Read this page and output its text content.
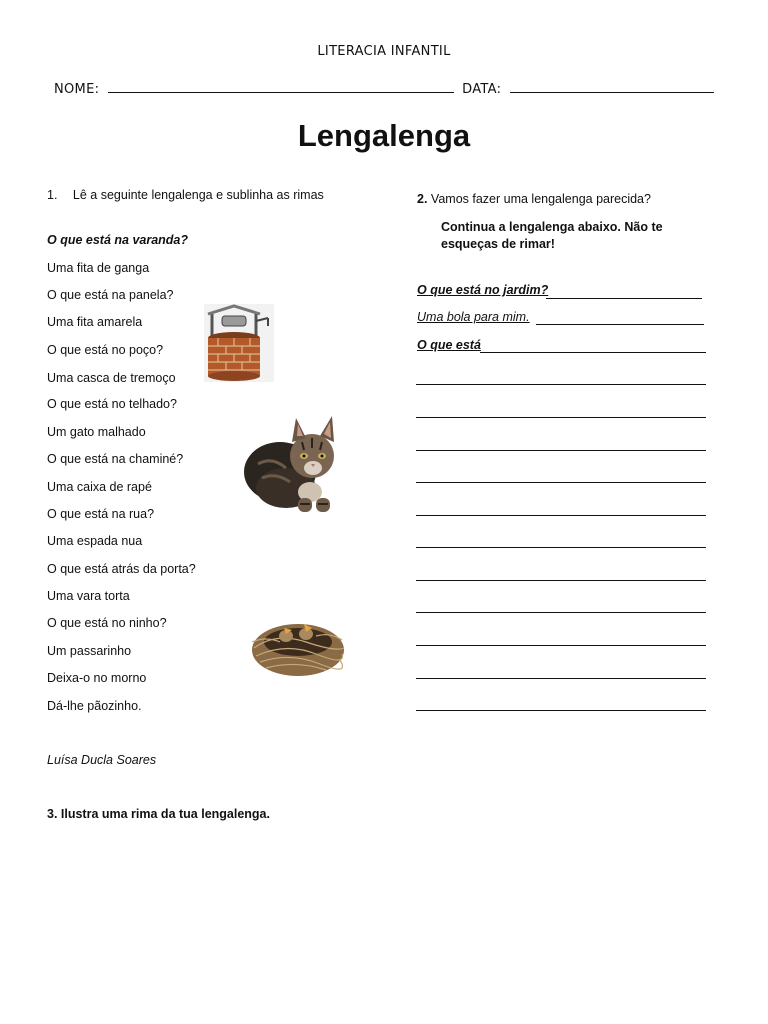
LITERACIA INFANTIL
NOME:	DATA:
Lengalenga
1. Lê a seguinte lengalenga e sublinha as rimas
O que está na varanda?
Uma fita de ganga
O que está na panela?
Uma fita amarela
O que está no poço?
Uma casca de tremoço
O que está no telhado?
Um gato malhado
O que está na chaminé?
Uma caixa de rapé
O que está na rua?
Uma espada nua
O que está atrás da porta?
Uma vara torta
O que está no ninho?
Um passarinho
Deixa-o no morno
Dá-lhe pãozinho.
Luísa Ducla Soares
3. Ilustra uma rima da tua lengalenga.
2. Vamos fazer uma lengalenga parecida?
Continua a lengalenga abaixo. Não te
esqueças de rimar!
O que está no jardim?
Uma bola para mim.
O que está
